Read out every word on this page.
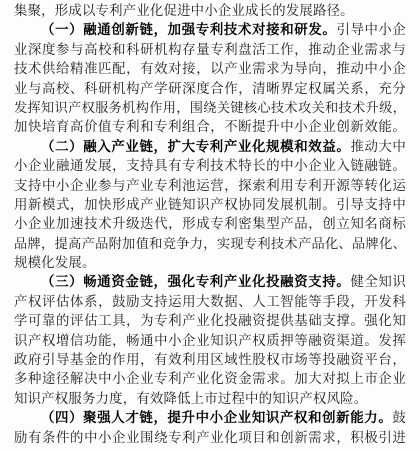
集聚，形成以专利产业化促进中小企业成长的发展路径。
（一）融通创新链，加强专利技术对接和研发。引导中小企
业深度参与高校和科研机构存量专利盘活工作，推动企业需求与
技术供给精准匹配，有效对接，以产业需求为导向，推动中小企
业与高校、科研机构产学研深度合作，清晰界定权属关系，充分
发挥知识产权服务机构作用，围绕关键核心技术攻关和技术升级，
加快培育高价值专利和专利组合，不断提升中小企业创新效能。
（二）融入产业链，扩大专利产业化规模和效益。推动大中
小企业融通发展，支持具有专利技术特长的中小企业入链融链。
支持中小企业参与产业专利池运营，探索利用专利开源等转化运
用新模式，加快形成产业链知识产权协同发展机制。引导支持中
小企业加速技术升级迭代，形成专利密集型产品，创立知名商标
品牌，提高产品附加值和竞争力，实现专利技术产品化、品牌化、
规模化发展。
（三）畅通资金链，强化专利产业化投融资支持。健全知识
产权评估体系，鼓励支持运用大数据、人工智能等手段，开发科
学可靠的评估工具，为专利产业化投融资提供基础支撑。强化知
识产权增信功能，畅通中小企业知识产权质押等融资渠道。发挥
政府引导基金的作用，有效利用区域性股权市场等投融资平台，
多种途径解决中小企业专利产业化资金需求。加大对拟上市企业
知识产权服务力度，有效降低上市过程中的知识产权风险。
（四）聚强人才链，提升中小企业知识产权和创新能力。鼓
励有条件的中小企业围绕专利产业化项目和创新需求，积极引进
